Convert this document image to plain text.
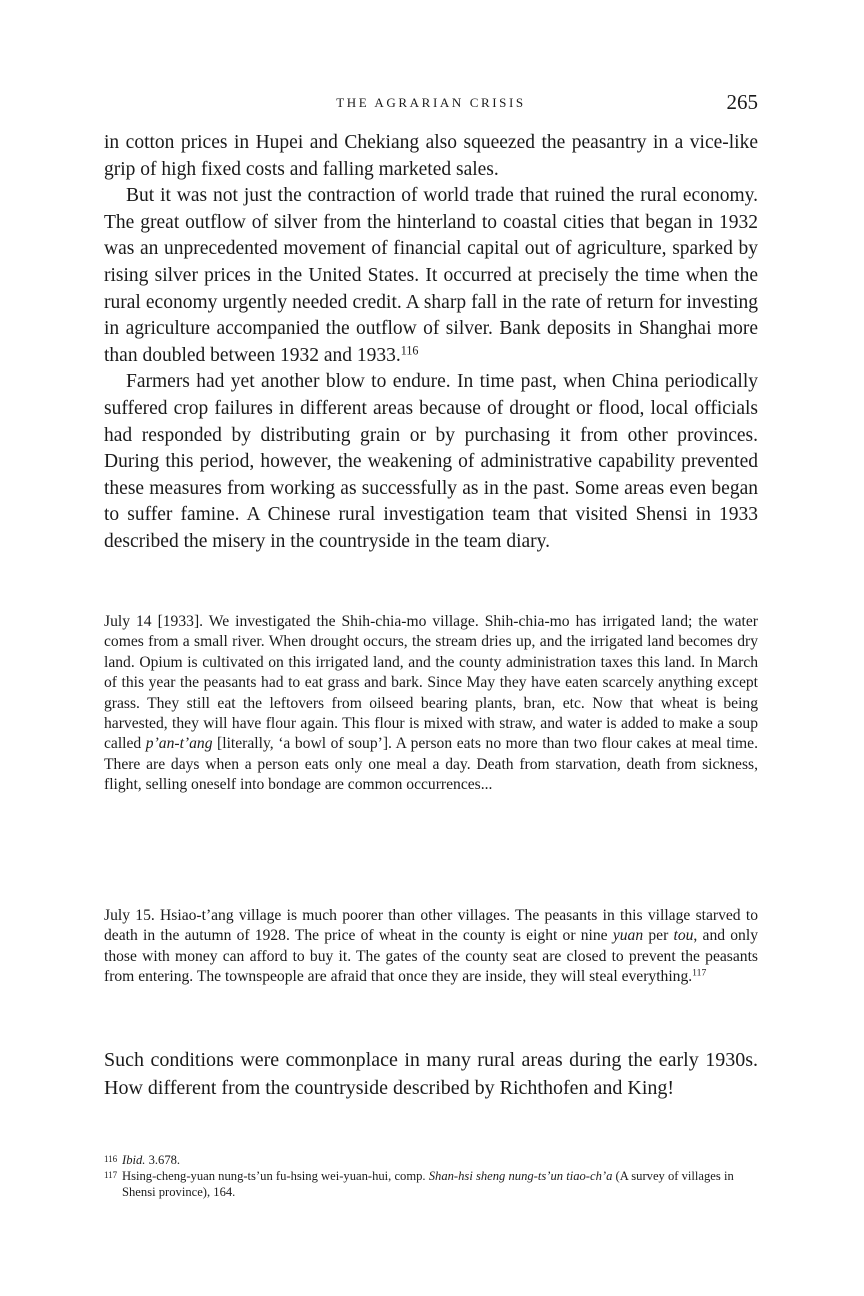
THE AGRARIAN CRISIS	265

in cotton prices in Hupei and Chekiang also squeezed the peasantry in a vice-like grip of high fixed costs and falling marketed sales.

But it was not just the contraction of world trade that ruined the rural economy. The great outflow of silver from the hinterland to coastal cities that began in 1932 was an unprecedented movement of financial capital out of agriculture, sparked by rising silver prices in the United States. It occurred at precisely the time when the rural economy urgently needed credit. A sharp fall in the rate of return for investing in agriculture accompanied the outflow of silver. Bank deposits in Shanghai more than doubled between 1932 and 1933.$^{116}$

Farmers had yet another blow to endure. In time past, when China periodically suffered crop failures in different areas because of drought or flood, local officials had responded by distributing grain or by purchasing it from other provinces. During this period, however, the weakening of administrative capability prevented these measures from working as successfully as in the past. Some areas even began to suffer famine. A Chinese rural investigation team that visited Shensi in 1933 described the misery in the countryside in the team diary.

July 14 [1933]. We investigated the Shih-chia-mo village. Shih-chia-mo has irrigated land; the water comes from a small river. When drought occurs, the stream dries up, and the irrigated land becomes dry land. Opium is cultivated on this irrigated land, and the county administration taxes this land. In March of this year the peasants had to eat grass and bark. Since May they have eaten scarcely anything except grass. They still eat the leftovers from oilseed bearing plants, bran, etc. Now that wheat is being harvested, they will have flour again. This flour is mixed with straw, and water is added to make a soup called p’an-t’ang [literally, ‘a bowl of soup’]. A person eats no more than two flour cakes at meal time. There are days when a person eats only one meal a day. Death from starvation, death from sickness, flight, selling oneself into bondage are common occurrences...

July 15. Hsiao-t’ang village is much poorer than other villages. The peasants in this village starved to death in the autumn of 1928. The price of wheat in the county is eight or nine yuan per tou, and only those with money can afford to buy it. The gates of the county seat are closed to prevent the peasants from entering. The townspeople are afraid that once they are inside, they will steal everything.$^{117}$

Such conditions were commonplace in many rural areas during the early 1930s. How different from the countryside described by Richthofen and King!

116 Ibid. 3.678.
117 Hsing-cheng-yuan nung-ts’un fu-hsing wei-yuan-hui, comp. Shan-hsi sheng nung-ts’un tiao-ch’a (A survey of villages in Shensi province), 164.
